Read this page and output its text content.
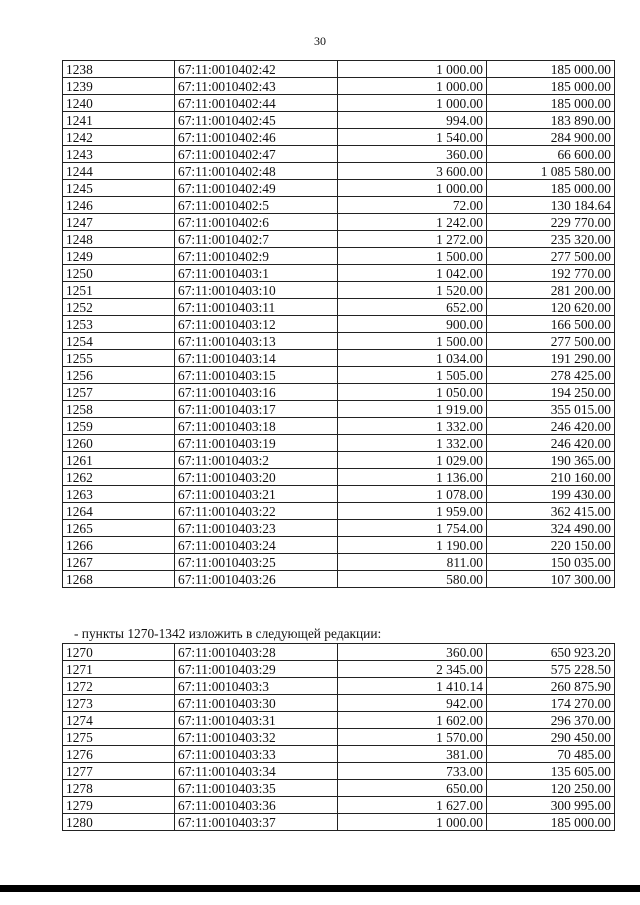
30
1238	67:11:0010402:42	1 000.00	185 000.00
1239	67:11:0010402:43	1 000.00	185 000.00
1240	67:11:0010402:44	1 000.00	185 000.00
1241	67:11:0010402:45	994.00	183 890.00
1242	67:11:0010402:46	1 540.00	284 900.00
1243	67:11:0010402:47	360.00	66 600.00
1244	67:11:0010402:48	3 600.00	1 085 580.00
1245	67:11:0010402:49	1 000.00	185 000.00
1246	67:11:0010402:5	72.00	130 184.64
1247	67:11:0010402:6	1 242.00	229 770.00
1248	67:11:0010402:7	1 272.00	235 320.00
1249	67:11:0010402:9	1 500.00	277 500.00
1250	67:11:0010403:1	1 042.00	192 770.00
1251	67:11:0010403:10	1 520.00	281 200.00
1252	67:11:0010403:11	652.00	120 620.00
1253	67:11:0010403:12	900.00	166 500.00
1254	67:11:0010403:13	1 500.00	277 500.00
1255	67:11:0010403:14	1 034.00	191 290.00
1256	67:11:0010403:15	1 505.00	278 425.00
1257	67:11:0010403:16	1 050.00	194 250.00
1258	67:11:0010403:17	1 919.00	355 015.00
1259	67:11:0010403:18	1 332.00	246 420.00
1260	67:11:0010403:19	1 332.00	246 420.00
1261	67:11:0010403:2	1 029.00	190 365.00
1262	67:11:0010403:20	1 136.00	210 160.00
1263	67:11:0010403:21	1 078.00	199 430.00
1264	67:11:0010403:22	1 959.00	362 415.00
1265	67:11:0010403:23	1 754.00	324 490.00
1266	67:11:0010403:24	1 190.00	220 150.00
1267	67:11:0010403:25	811.00	150 035.00
1268	67:11:0010403:26	580.00	107 300.00
- пункты 1270-1342 изложить в следующей редакции:
1270	67:11:0010403:28	360.00	650 923.20
1271	67:11:0010403:29	2 345.00	575 228.50
1272	67:11:0010403:3	1 410.14	260 875.90
1273	67:11:0010403:30	942.00	174 270.00
1274	67:11:0010403:31	1 602.00	296 370.00
1275	67:11:0010403:32	1 570.00	290 450.00
1276	67:11:0010403:33	381.00	70 485.00
1277	67:11:0010403:34	733.00	135 605.00
1278	67:11:0010403:35	650.00	120 250.00
1279	67:11:0010403:36	1 627.00	300 995.00
1280	67:11:0010403:37	1 000.00	185 000.00
